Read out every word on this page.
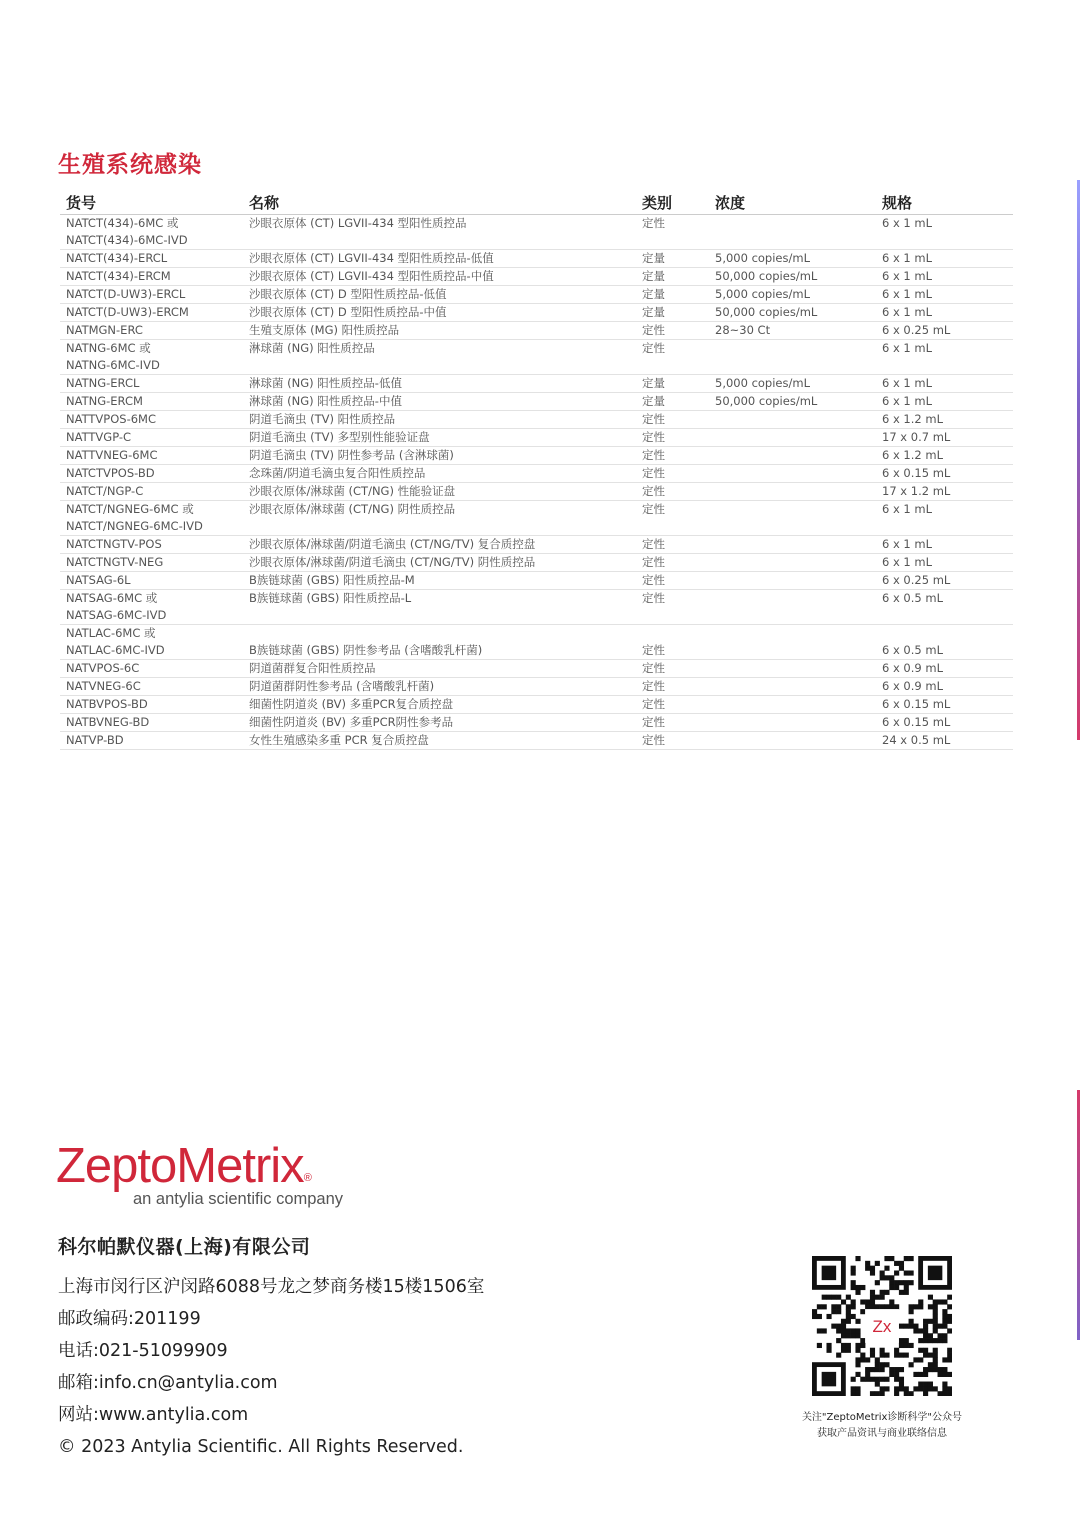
生殖系统感染
货号	名称	类别	浓度	规格

NATCT(434)-6MC 或
NATCT(434)-6MC-IVD	沙眼衣原体 (CT) LGVII-434 型阳性质控品	定性		6 x 1 mL

NATCT(434)-ERCL	沙眼衣原体 (CT) LGVII-434 型阳性质控品-低值	定量	5,000 copies/mL	6 x 1 mL

NATCT(434)-ERCM	沙眼衣原体 (CT) LGVII-434 型阳性质控品-中值	定量	50,000 copies/mL	6 x 1 mL

NATCT(D-UW3)-ERCL	沙眼衣原体 (CT) D 型阳性质控品-低值	定量	5,000 copies/mL	6 x 1 mL

NATCT(D-UW3)-ERCM	沙眼衣原体 (CT) D 型阳性质控品-中值	定量	50,000 copies/mL	6 x 1 mL

NATMGN-ERC	生殖支原体 (MG) 阳性质控品	定性	28~30 Ct	6 x 0.25 mL

NATNG-6MC 或
NATNG-6MC-IVD	淋球菌 (NG) 阳性质控品	定性		6 x 1 mL

NATNG-ERCL	淋球菌 (NG) 阳性质控品-低值	定量	5,000 copies/mL	6 x 1 mL

NATNG-ERCM	淋球菌 (NG) 阳性质控品-中值	定量	50,000 copies/mL	6 x 1 mL

NATTVPOS-6MC	阴道毛滴虫 (TV) 阳性质控品	定性		6 x 1.2 mL

NATTVGP-C	阴道毛滴虫 (TV) 多型别性能验证盘	定性		17 x 0.7 mL

NATTVNEG-6MC	阴道毛滴虫 (TV) 阴性参考品 (含淋球菌)	定性		6 x 1.2 mL

NATCTVPOS-BD	念珠菌/阴道毛滴虫复合阳性质控品	定性		6 x 0.15 mL

NATCT/NGP-C	沙眼衣原体/淋球菌 (CT/NG) 性能验证盘	定性		17 x 1.2 mL

NATCT/NGNEG-6MC 或
NATCT/NGNEG-6MC-IVD	沙眼衣原体/淋球菌 (CT/NG) 阴性质控品	定性		6 x 1 mL

NATCTNGTV-POS	沙眼衣原体/淋球菌/阴道毛滴虫 (CT/NG/TV) 复合质控盘	定性		6 x 1 mL

NATCTNGTV-NEG	沙眼衣原体/淋球菌/阴道毛滴虫 (CT/NG/TV) 阴性质控品	定性		6 x 1 mL

NATSAG-6L	B族链球菌 (GBS) 阳性质控品-M	定性		6 x 0.25 mL

NATSAG-6MC 或
NATSAG-6MC-IVD	B族链球菌 (GBS) 阳性质控品-L	定性		6 x 0.5 mL

NATLAC-6MC 或
NATLAC-6MC-IVD	B族链球菌 (GBS) 阴性参考品 (含嗜酸乳杆菌)	定性		6 x 0.5 mL

NATVPOS-6C	阴道菌群复合阳性质控品	定性		6 x 0.9 mL

NATVNEG-6C	阴道菌群阴性参考品 (含嗜酸乳杆菌)	定性		6 x 0.9 mL

NATBVPOS-BD	细菌性阴道炎 (BV) 多重PCR复合质控盘	定性		6 x 0.15 mL

NATBVNEG-BD	细菌性阴道炎 (BV) 多重PCR阴性参考品	定性		6 x 0.15 mL

NATVP-BD	女性生殖感染多重 PCR 复合质控盘	定性		24 x 0.5 mL
ZeptoMetrix®
an antylia scientific company
科尔帕默仪器(上海)有限公司
上海市闵行区沪闵路6088号龙之梦商务楼15楼1506室
邮政编码:201199
电话:021-51099909
邮箱:info.cn@antylia.com
网站:www.antylia.com
© 2023 Antylia Scientific. All Rights Reserved.
Zx
关注"ZeptoMetrix诊断科学"公众号
获取产品资讯与商业联络信息
